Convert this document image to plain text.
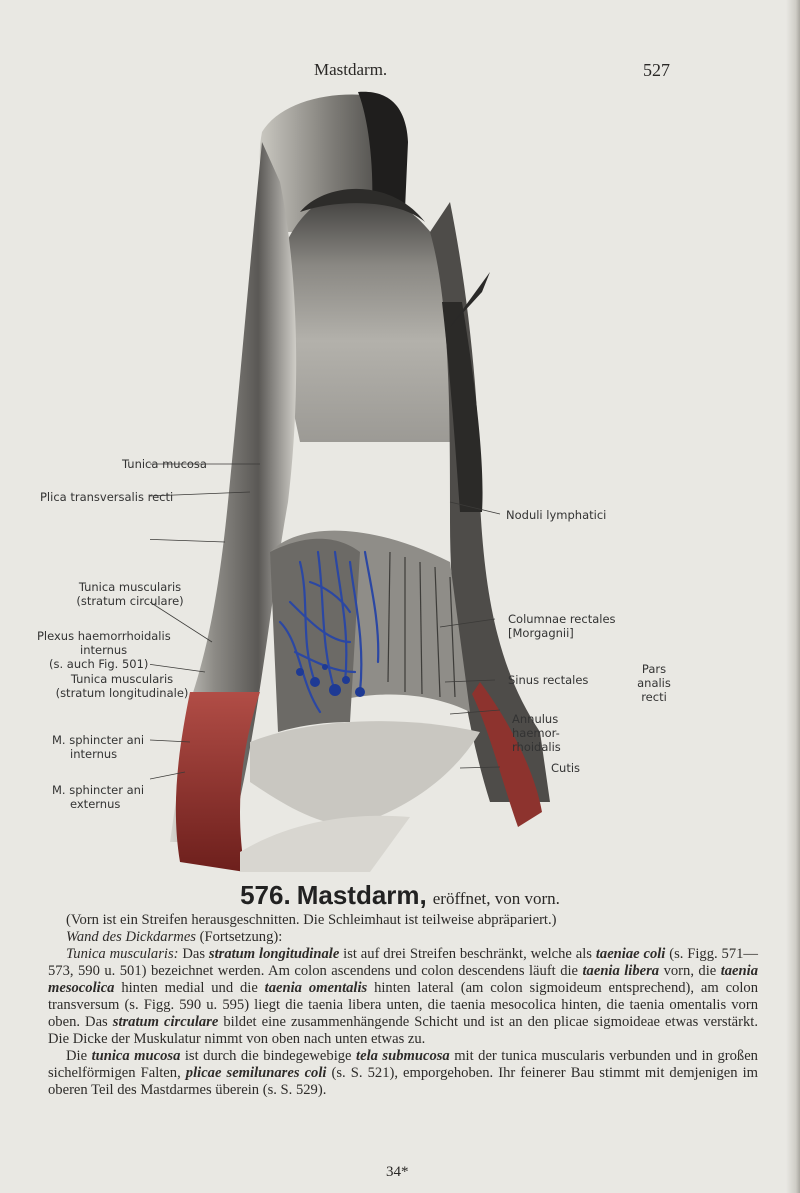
Mastdarm.	527
Tunica mucosa
Plica transversalis recti
Tunica muscularis
(stratum circulare)
Plexus haemorrhoidalis
internus
(s. auch Fig. 501)
Tunica muscularis
(stratum longitudinale)
M. sphincter ani
internus
M. sphincter ani
externus
Noduli lymphatici
Columnae rectales
[Morgagnii]
Sinus rectales
Annulus
haemor-
rhoidalis
Cutis
Pars
analis
recti
576. Mastdarm, eröffnet, von vorn.

(Vorn ist ein Streifen herausgeschnitten. Die Schleimhaut ist teilweise abpräpariert.)

Wand des Dickdarmes (Fortsetzung):

Tunica muscularis: Das stratum longitudinale ist auf drei Streifen beschränkt, welche als taeniae coli (s. Figg. 571—573, 590 u. 501) bezeichnet werden. Am colon ascendens und colon descendens läuft die taenia libera vorn, die taenia mesocolica hinten medial und die taenia omentalis hinten lateral (am colon sigmoideum entsprechend), am colon transversum (s. Figg. 590 u. 595) liegt die taenia libera unten, die taenia mesocolica hinten, die taenia omentalis vorn oben. Das stratum circulare bildet eine zusammenhängende Schicht und ist an den plicae sigmoideae etwas verstärkt. Die Dicke der Muskulatur nimmt von oben nach unten etwas zu.

Die tunica mucosa ist durch die bindegewebige tela submucosa mit der tunica muscularis verbunden und in großen sichelförmigen Falten, plicae semilunares coli (s. S. 521), emporgehoben. Ihr feinerer Bau stimmt mit demjenigen im oberen Teil des Mastdarmes überein (s. S. 529).

34*
